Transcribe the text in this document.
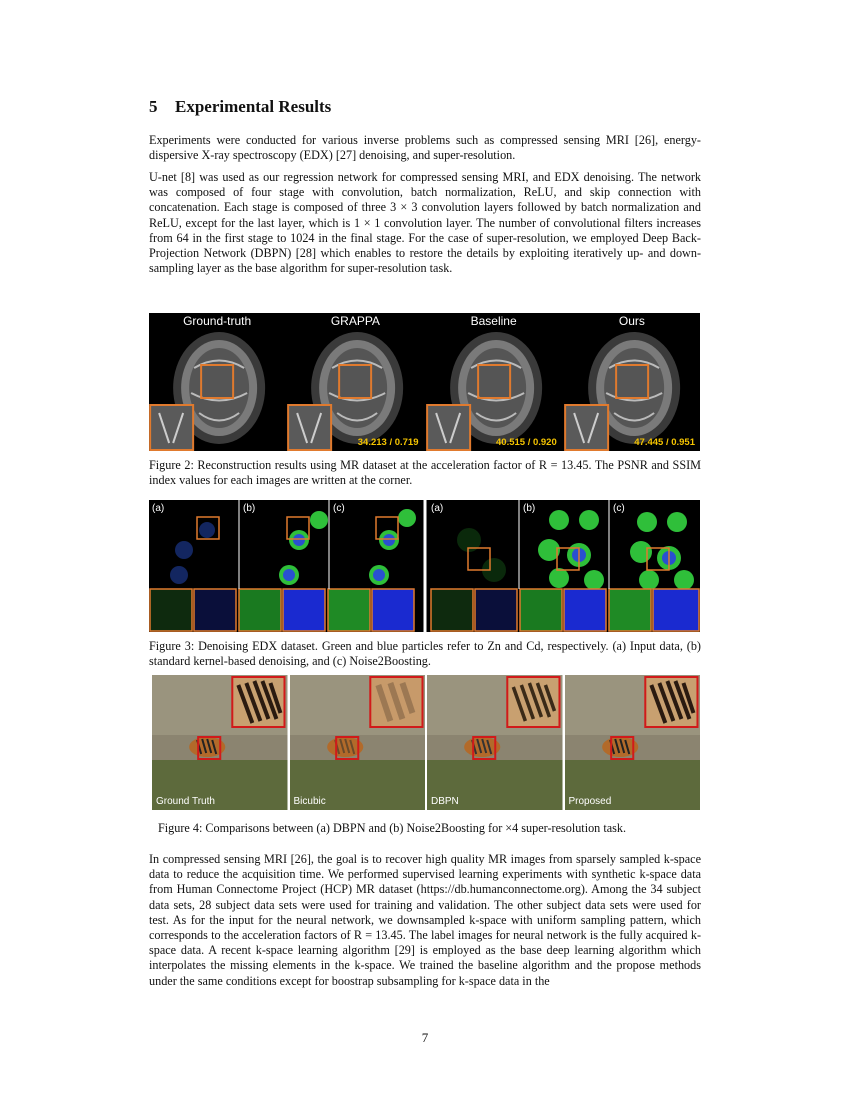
5 Experimental Results

Experiments were conducted for various inverse problems such as compressed sensing MRI [26], energy-dispersive X-ray spectroscopy (EDX) [27] denoising, and super-resolution.

U-net [8] was used as our regression network for compressed sensing MRI, and EDX denoising. The network was composed of four stage with convolution, batch normalization, ReLU, and skip connection with concatenation. Each stage is composed of three 3 × 3 convolution layers followed by batch normalization and ReLU, except for the last layer, which is 1 × 1 convolution layer. The number of convolutional filters increases from 64 in the first stage to 1024 in the final stage. For the case of super-resolution, we employed Deep Back-Projection Network (DBPN) [28] which enables to restore the details by exploiting iteratively up- and down- sampling layer as the base algorithm for super-resolution task.

Ground-truth	GRAPPA
34.213 / 0.719
Baseline
40.515 / 0.920
Ours
47.445 / 0.951

Figure 2: Reconstruction results using MR dataset at the acceleration factor of R = 13.45. The PSNR and SSIM index values for each images are written at the corner.

(a)	(b)	(c)	(a)	(b)	(c)

Figure 3: Denoising EDX dataset. Green and blue particles refer to Zn and Cd, respectively. (a) Input data, (b) standard kernel-based denoising, and (c) Noise2Boosting.

Ground Truth	Bicubic	DBPN	Proposed

Figure 4: Comparisons between (a) DBPN and (b) Noise2Boosting for ×4 super-resolution task.

In compressed sensing MRI [26], the goal is to recover high quality MR images from sparsely sampled k-space data to reduce the acquisition time. We performed supervised learning experiments with synthetic k-space data from Human Connectome Project (HCP) MR dataset (https://db.humanconnectome.org). Among the 34 subject data sets, 28 subject data sets were used for training and validation. The other subject data sets were used for test. As for the input for the neural network, we downsampled k-space with uniform sampling pattern, which corresponds to the acceleration factors of R = 13.45. The label images for neural network is the fully acquired k-space data. A recent k-space learning algorithm [29] is employed as the base deep learning algorithm which interpolates the missing elements in the k-space. We trained the baseline algorithm and the propose methods under the same conditions except for boostrap subsampling for k-space data in the

7
